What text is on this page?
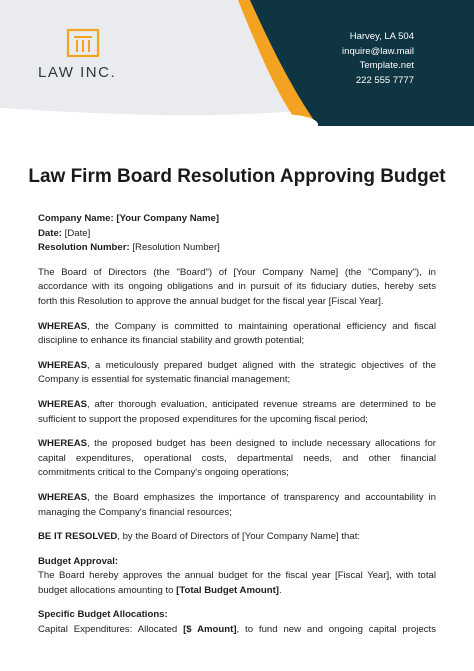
LAW INC.
Harvey, LA 504
inquire@law.mail
Template.net
222 555 7777
Law Firm Board Resolution Approving Budget
Company Name: [Your Company Name]
Date: [Date]
Resolution Number: [Resolution Number]
The Board of Directors (the "Board") of [Your Company Name] (the "Company"), in
accordance with its ongoing obligations and in pursuit of its fiduciary duties, hereby sets
forth this Resolution to approve the annual budget for the fiscal year [Fiscal Year].
WHEREAS, the Company is committed to maintaining operational efficiency and fiscal
discipline to enhance its financial stability and growth potential;
WHEREAS, a meticulously prepared budget aligned with the strategic objectives of the
Company is essential for systematic financial management;
WHEREAS, after thorough evaluation, anticipated revenue streams are determined to be
sufficient to support the proposed expenditures for the upcoming fiscal period;
WHEREAS, the proposed budget has been designed to include necessary allocations for
capital expenditures, operational costs, departmental needs, and other financial
commitments critical to the Company's ongoing operations;
WHEREAS, the Board emphasizes the importance of transparency and accountability in
managing the Company's financial resources;
BE IT RESOLVED, by the Board of Directors of [Your Company Name] that:
Budget Approval:
The Board hereby approves the annual budget for the fiscal year [Fiscal Year], with total
budget allocations amounting to [Total Budget Amount].
Specific Budget Allocations:
Capital Expenditures: Allocated [$ Amount], to fund new and ongoing capital projects
